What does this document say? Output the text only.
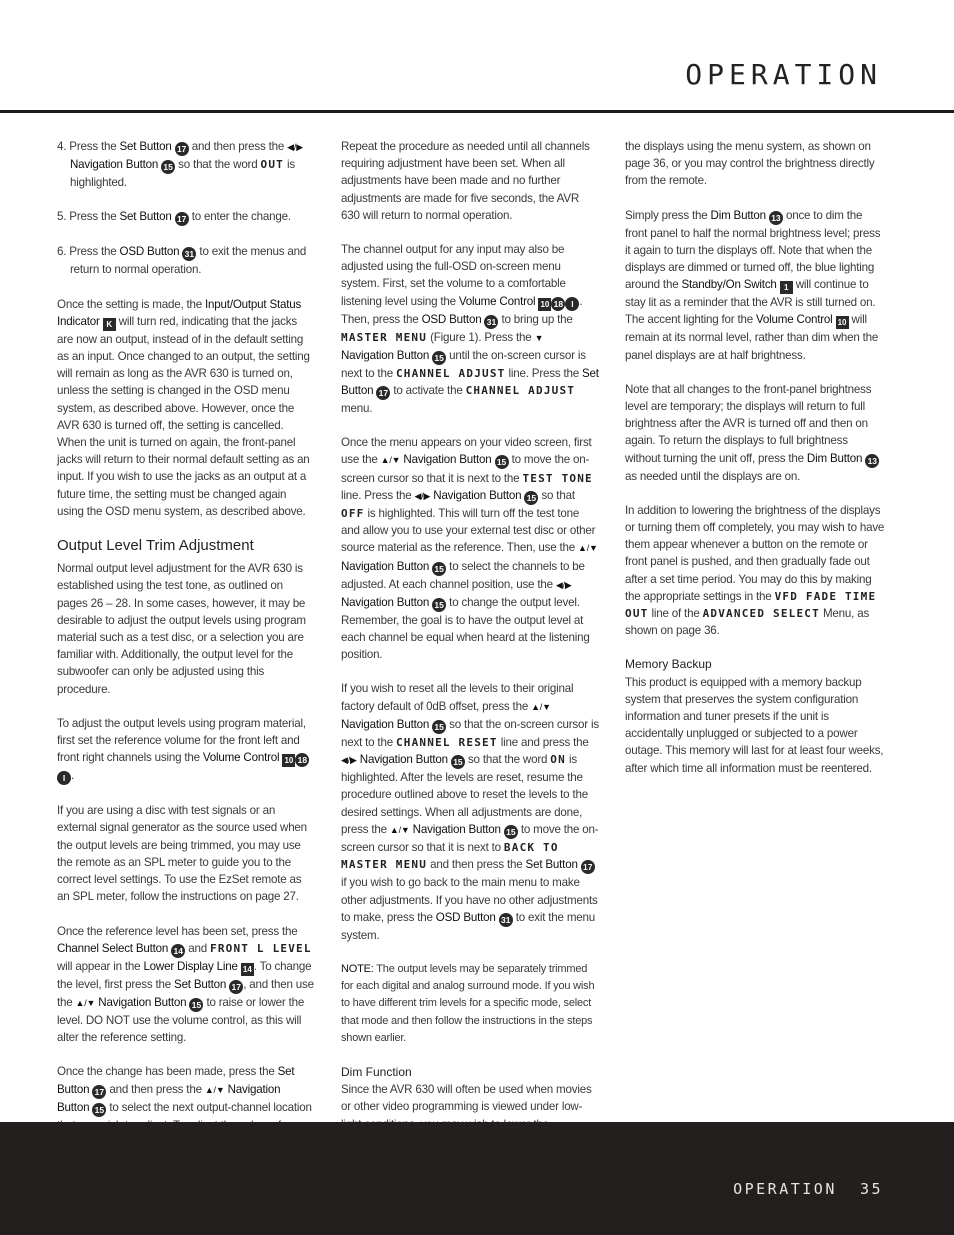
OPERATION

4. Press the Set Button 17 and then press the ◀/▶ Navigation Button 15 so that the word OUT is highlighted.

5. Press the Set Button 17 to enter the change.

6. Press the OSD Button 31 to exit the menus and return to normal operation.

Once the setting is made, the Input/Output Status Indicator K will turn red, indicating that the jacks are now an output, instead of in the default setting as an input. Once changed to an output, the setting will remain as long as the AVR 630 is turned on, unless the setting is changed in the OSD menu system, as described above. However, once the AVR 630 is turned off, the setting is cancelled. When the unit is turned on again, the front-panel jacks will return to their normal default setting as an input. If you wish to use the jacks as an output at a future time, the setting must be changed again using the OSD menu system, as described above.

Output Level Trim Adjustment

Normal output level adjustment for the AVR 630 is established using the test tone, as outlined on pages 26 – 28. In some cases, however, it may be desirable to adjust the output levels using program material such as a test disc, or a selection you are familiar with. Additionally, the output level for the subwoofer can only be adjusted using this procedure.

To adjust the output levels using program material, first set the reference volume for the front left and front right channels using the Volume Control 10 18I .

If you are using a disc with test signals or an external signal generator as the source used when the output levels are being trimmed, you may use the remote as an SPL meter to guide you to the correct level settings. To use the EzSet remote as an SPL meter, follow the instructions on page 27.

Once the reference level has been set, press the Channel Select Button 14 and FRONT L LEVEL will appear in the Lower Display Line 14 . To change the level, first press the Set Button 17 , and then use the ▲/▼ Navigation Button 15 to raise or lower the level. DO NOT use the volume control, as this will alter the reference setting.

Once the change has been made, press the Set Button 17 and then press the ▲/▼ Navigation Button 15 to select the next output-channel location

Repeat the procedure as needed until all channels requiring adjustment have been set. When all adjustments have been made and no further adjustments are made for five seconds, the AVR 630 will return to normal operation.

The channel output for any input may also be adjusted using the full-OSD on-screen menu system. First, set the volume to a comfortable listening level using the Volume Control 10 18 I . Then, press the OSD Button 31 to bring up the MASTER MENU (Figure 1). Press the ▼ Navigation Button 15 until the on-screen cursor is next to the CHANNEL ADJUST line. Press the Set Button 17 to activate the CHANNEL ADJUST menu.

Once the menu appears on your video screen, first use the ▲/▼ Navigation Button 15 to move the on-screen cursor so that it is next to the TEST TONE line. Press the ◀/▶ Navigation Button 15 so that OFF is highlighted. This will turn off the test tone and allow you to use your external test disc or other source material as the reference. Then, use the ▲/▼ Navigation Button 15 to select the channels to be adjusted. At each channel position, use the ◀/▶ Navigation Button 15 to change the output level. Remember, the goal is to have the output level at each channel be equal when heard at the listening position.

If you wish to reset all the levels to their original factory default of 0dB offset, press the ▲/▼ Navigation Button 15 so that the on-screen cursor is next to the CHANNEL RESET line and press the ◀/▶ Navigation Button 15 so that the word ON is highlighted. After the levels are reset, resume the procedure outlined above to reset the levels to the desired settings. When all adjustments are done, press the ▲/▼ Navigation Button 15 to move the on-screen cursor so that it is next to BACK TO MASTER MENU and then press the Set Button 17 if you wish to go back to the main menu to make other adjustments. If you have no other adjustments to make, press the OSD Button 31 to exit the menu system.

NOTE: The output levels may be separately trimmed for each digital and analog surround mode. If you wish to have different trim levels for a specific mode, select that mode and then follow the instructions in the steps shown earlier.

Dim Function

Since the AVR 630 will often be used when movies or other video programming is viewed under low-

the displays using the menu system, as shown on page 36, or you may control the brightness directly from the remote.

Simply press the Dim Button 13 once to dim the front panel to half the normal brightness level; press it again to turn the displays off. Note that when the displays are dimmed or turned off, the blue lighting around the Standby/On Switch 1 will continue to stay lit as a reminder that the AVR is still turned on. The accent lighting for the Volume Control 10 will remain at its normal level, rather than dim when the panel displays are at half brightness.

Note that all changes to the front-panel brightness level are temporary; the displays will return to full brightness after the AVR is turned off and then on again. To return the displays to full brightness without turning the unit off, press the Dim Button 13 as needed until the displays are on.

In addition to lowering the brightness of the displays or turning them off completely, you may wish to have them appear whenever a button on the remote or front panel is pushed, and then gradually fade out after a set time period. You may do this by making the appropriate settings in the VFD FADE TIME OUT line of the ADVANCED SELECT Menu, as shown on page 36.

Memory Backup

This product is equipped with a memory backup system that preserves the system configuration information and tuner presets if the unit is accidentally unplugged or subjected to a power outage. This memory will last for at least four weeks, after which time all information must be reentered.

OPERATION 35
